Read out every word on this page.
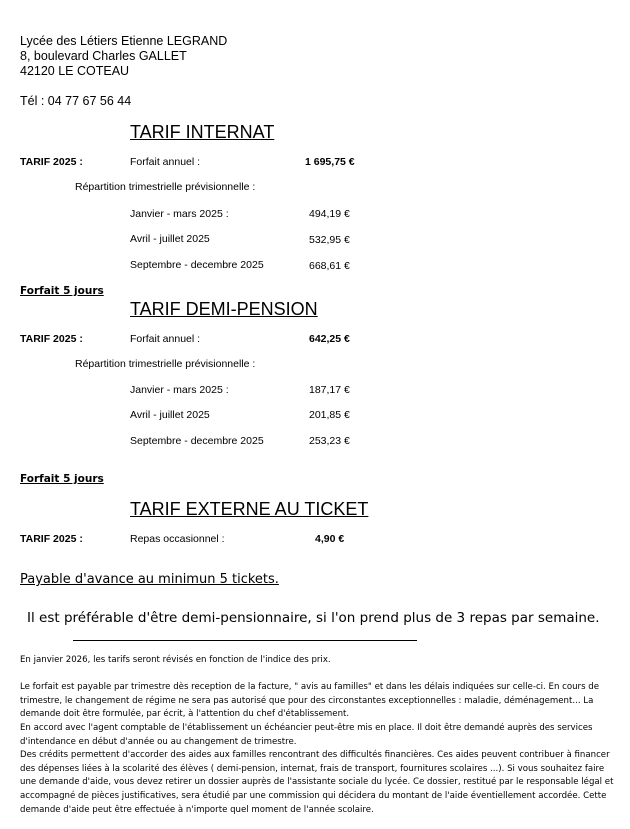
Lycée des Létiers Etienne LEGRAND
8, boulevard Charles GALLET
42120 LE COTEAU
Tél : 04 77 67 56 44
TARIF INTERNAT
TARIF 2025 :	Forfait annuel :	1 695,75 €
Répartition trimestrielle prévisionnelle :
Janvier - mars 2025 :	494,19 €
Avril - juillet 2025	532,95 €
Septembre - decembre 2025	668,61 €
Forfait 5 jours
TARIF DEMI-PENSION
TARIF 2025 :	Forfait annuel :	642,25 €
Répartition trimestrielle prévisionnelle :
Janvier - mars 2025 :	187,17 €
Avril - juillet 2025	201,85 €
Septembre - decembre 2025	253,23 €
Forfait 5 jours
TARIF EXTERNE AU TICKET
TARIF 2025 :	Repas occasionnel :	4,90 €
Payable d'avance au minimun 5 tickets.
Il est préférable d'être demi-pensionnaire, si l'on prend plus de 3 repas par semaine.

En janvier 2026, les tarifs seront révisés en fonction de l'indice des prix.

Le forfait est payable par trimestre dès reception de la facture, " avis au familles" et dans les délais indiquées sur celle-ci. En cours de trimestre, le changement de régime ne sera pas autorisé que pour des circonstantes exceptionnelles : maladie, déménagement... La demande doit être formulée, par écrit, à l'attention du chef d'établissement.

En accord avec l'agent comptable de l'établissement un échéancier peut-être mis en place. Il doit être demandé auprès des services d'intendance en début d'année ou au changement de trimestre.

Des crédits permettent d'accorder des aides aux familles rencontrant des difficultés financières. Ces aides peuvent contribuer à financer des dépenses liées à la scolarité des élèves ( demi-pension, internat, frais de transport, fournitures scolaires ...). Si vous souhaitez faire une demande d'aide, vous devez retirer un dossier auprès de l'assistante sociale du lycée. Ce dossier, restitué par le responsable légal et accompagné de pièces justificatives, sera étudié par une commission qui décidera du montant de l'aide éventiellement accordée. Cette demande d'aide peut être effectuée à n'importe quel moment de l'année scolaire.
